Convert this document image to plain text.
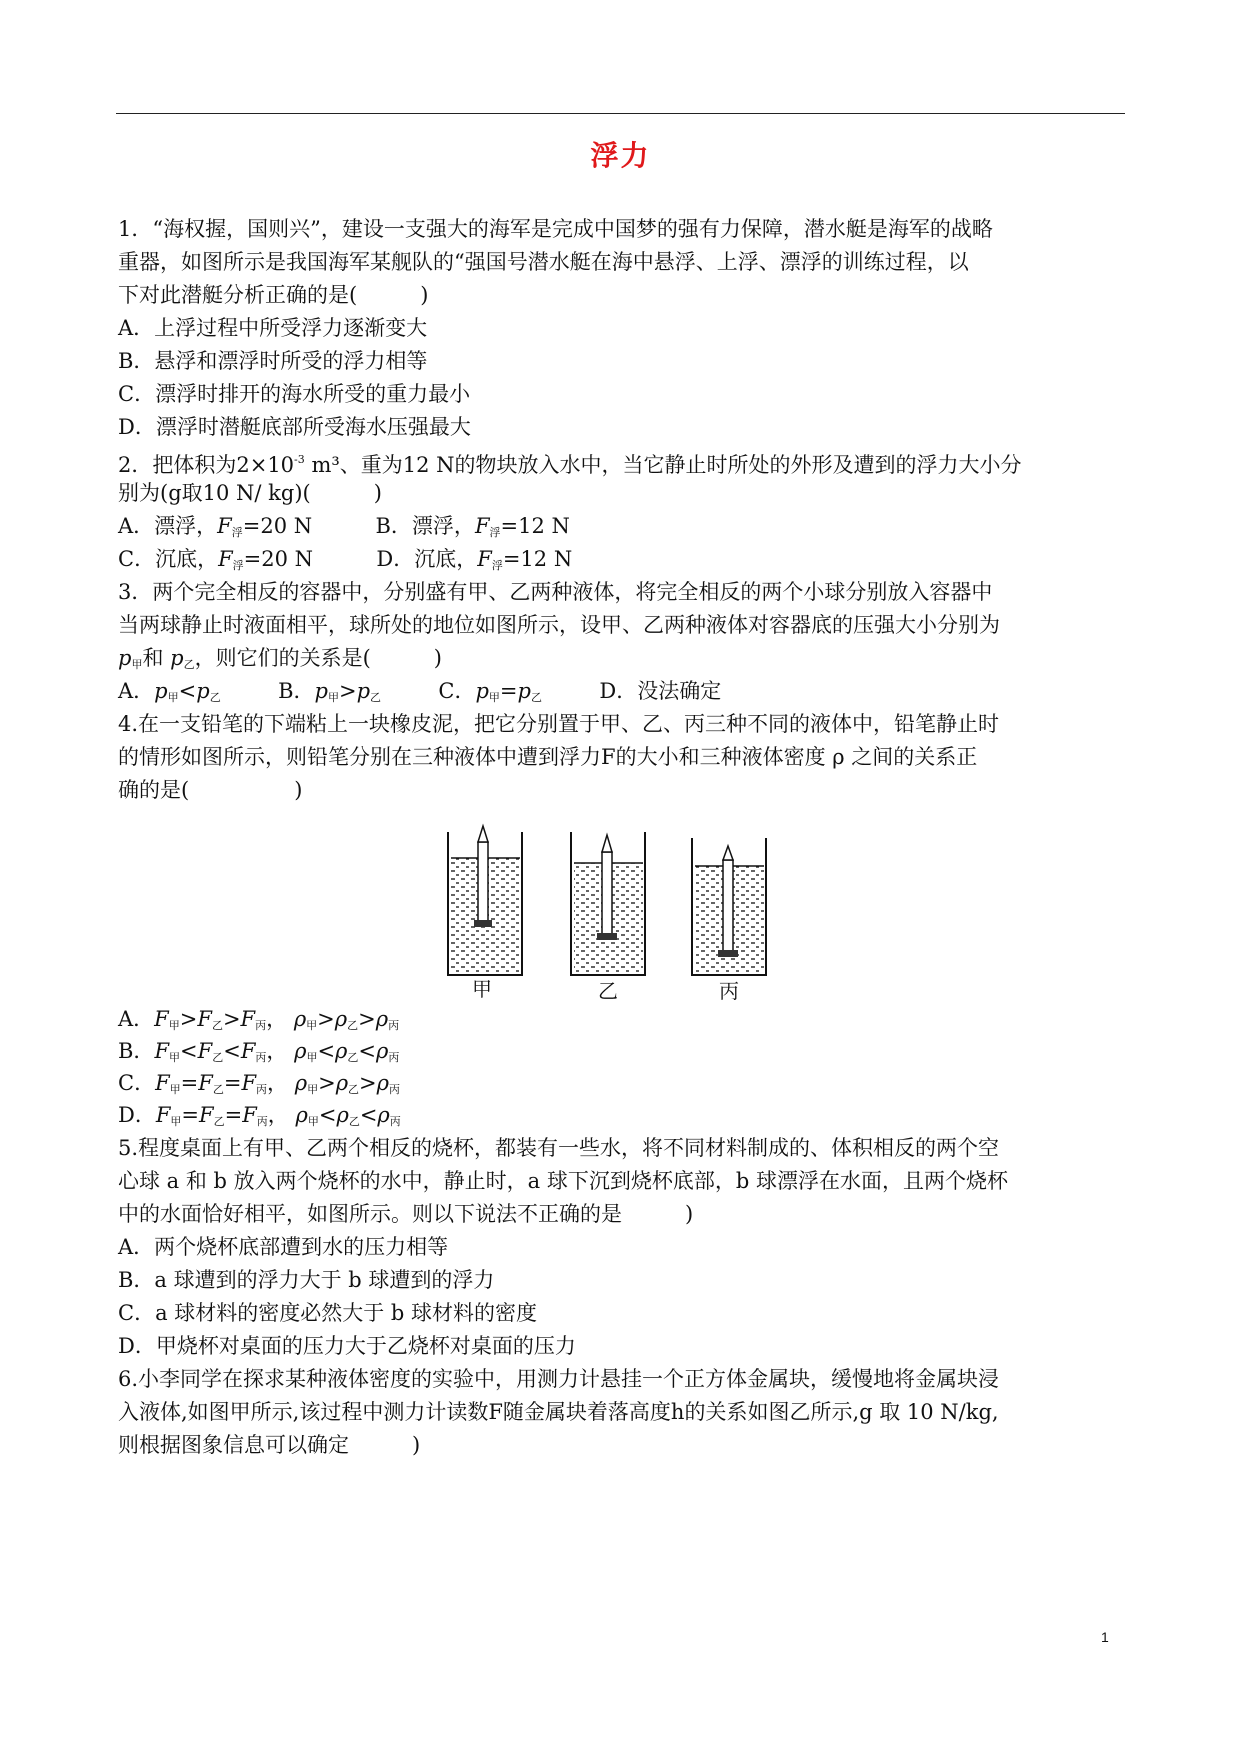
浮力
1．“海权握，国则兴”，建设一支强大的海军是完成中国梦的强有力保障，潜水艇是海军的战略
重器，如图所示是我国海军某舰队的“强国号潜水艇在海中悬浮、上浮、漂浮的训练过程，以
下对此潜艇分析正确的是(　　　)
A．上浮过程中所受浮力逐渐变大
B．悬浮和漂浮时所受的浮力相等
C．漂浮时排开的海水所受的重力最小
D．漂浮时潜艇底部所受海水压强最大
2．把体积为$2\times 10^{-3}$ m³、重为12 N的物块放入水中，当它静止时所处的外形及遭到的浮力大小分
别为(g取10 N/ kg)(　　　)
A．漂浮，$F_浮=20$ N	B．漂浮，$F_浮=12$ N
C．沉底，$F_浮=20$ N	D．沉底，$F_浮=12$ N
3．两个完全相反的容器中，分别盛有甲、乙两种液体，将完全相反的两个小球分别放入容器中
当两球静止时液面相平，球所处的地位如图所示，设甲、乙两种液体对容器底的压强大小分别为
$p_甲$和 $p_乙$，则它们的关系是(　　　)
A．$p_甲<p_乙$	B．$p_甲>p_乙$	C．$p_甲=p_乙$	D．没法确定
4.在一支铅笔的下端粘上一块橡皮泥，把它分别置于甲、乙、丙三种不同的液体中，铅笔静止时
的情形如图所示，则铅笔分别在三种液体中遭到浮力F的大小和三种液体密度 ρ 之间的关系正
确的是(　　　　　)
甲	乙	丙
A．$F_甲>F_乙>F_丙$， $\rho_甲>\rho_乙>\rho_丙$
B．$F_甲<F_乙<F_丙$， $\rho_甲<\rho_乙<\rho_丙$
C．$F_甲=F_乙=F_丙$， $\rho_甲>\rho_乙>\rho_丙$
D．$F_甲=F_乙=F_丙$， $\rho_甲<\rho_乙<\rho_丙$
5.程度桌面上有甲、乙两个相反的烧杯，都装有一些水，将不同材料制成的、体积相反的两个空
心球 a 和 b 放入两个烧杯的水中，静止时，a 球下沉到烧杯底部，b 球漂浮在水面，且两个烧杯
中的水面恰好相平，如图所示。则以下说法不正确的是　　　)
A．两个烧杯底部遭到水的压力相等
B．a 球遭到的浮力大于 b 球遭到的浮力
C．a 球材料的密度必然大于 b 球材料的密度
D．甲烧杯对桌面的压力大于乙烧杯对桌面的压力
6.小李同学在探求某种液体密度的实验中，用测力计悬挂一个正方体金属块，缓慢地将金属块浸
入液体,如图甲所示,该过程中测力计读数F随金属块着落高度h的关系如图乙所示,g 取 10 N/kg,
则根据图象信息可以确定　　　)
1
